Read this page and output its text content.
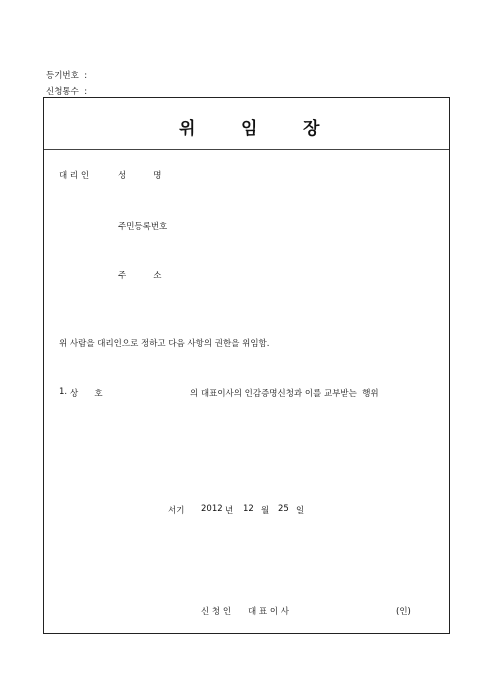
등기번호  :
신청통수  :
위	임	장
대 리 인	성          명
주민등록번호
주          소
위 사람을 대리인으로 정하고 다음 사항의 권한을 위임함.
1. 상      호	의 대표이사의 인감증명신청과 이를 교부받는  행위
서기 2012 년 12 월 25 일
신 청 인 대 표 이 사	(인)
